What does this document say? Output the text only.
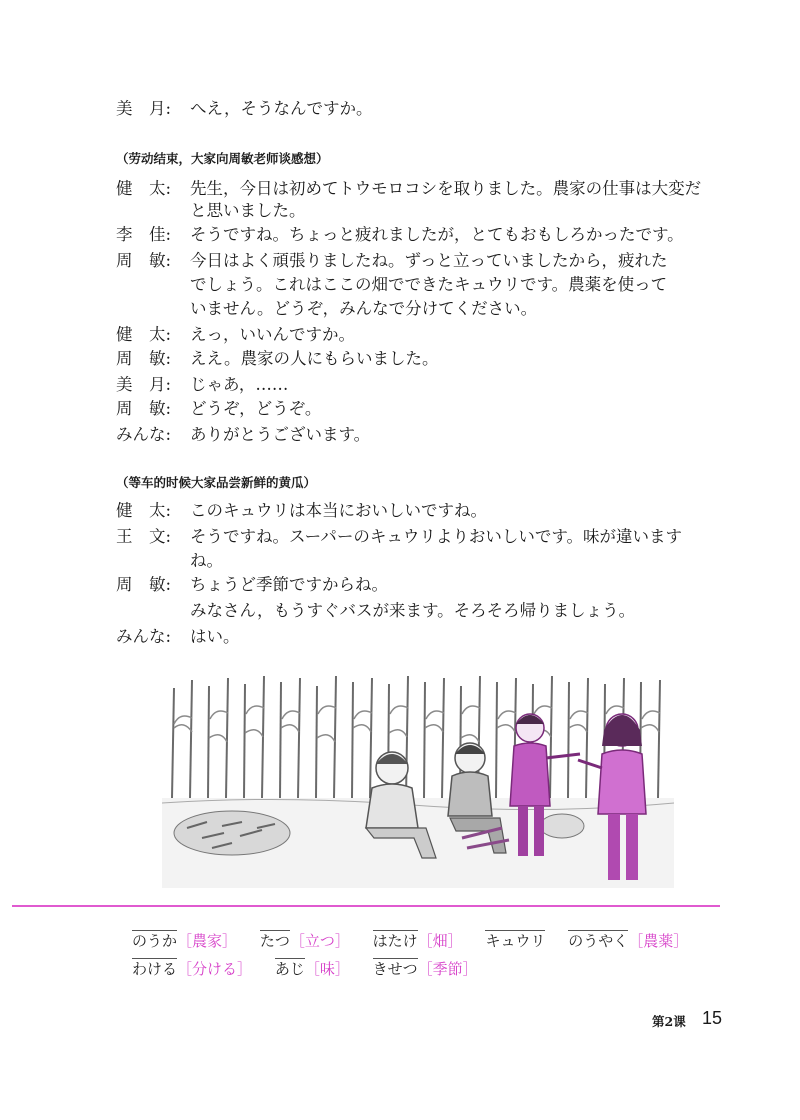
美　月: へえ，そうなんですか。
（劳动结束，大家向周敏老师谈感想）
健　太: 先生，今日は初めてトウモロコシを取りました。農家の仕事は大変だ
と思いました。
李　佳: そうですね。ちょっと疲れましたが，とてもおもしろかったです。
周　敏: 今日はよく頑張りましたね。ずっと立っていましたから，疲れた
でしょう。これはここの畑でできたキュウリです。農薬を使って
いません。どうぞ，みんなで分けてください。
健　太: えっ，いいんですか。
周　敏: ええ。農家の人にもらいました。
美　月: じゃあ，……
周　敏: どうぞ，どうぞ。
みんな: ありがとうございます。
（等车的时候大家品尝新鲜的黄瓜）
健　太: このキュウリは本当においしいですね。
王　文: そうですね。スーパーのキュウリよりおいしいです。味が違います
ね。
周　敏: ちょうど季節ですからね。
みなさん，もうすぐバスが来ます。そろそろ帰りましょう。
みんな: はい。
のうか［農家］ たつ［立つ］ はたけ［畑］ キュウリ のうやく［農薬］
わける［分ける］ あじ［味］ きせつ［季節］
第2课 15
